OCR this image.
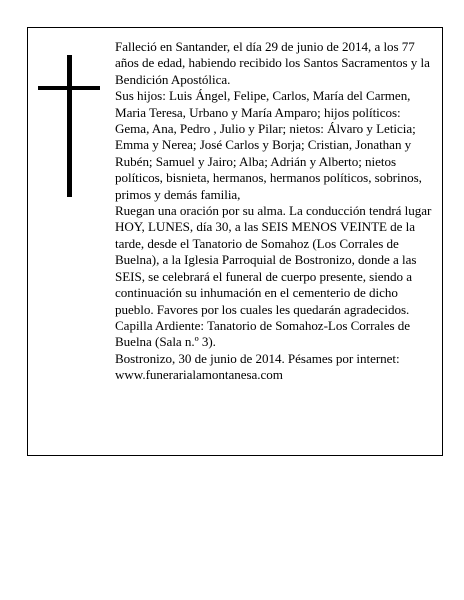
Falleció en Santander, el día 29 de junio de 2014, a los 77 años de edad, habiendo recibido los Santos Sacramentos y la Bendición Apostólica.

Sus hijos: Luis Ángel, Felipe, Carlos, María del Carmen, Maria Teresa, Urbano y María Amparo; hijos políticos: Gema, Ana, Pedro , Julio y Pilar; nietos: Álvaro y Leticia; Emma y Nerea; José Carlos y Borja; Cristian, Jonathan y Rubén; Samuel y Jairo; Alba; Adrián y Alberto; nietos políticos, bisnieta, hermanos, hermanos políticos, sobrinos, primos y demás familia,

Ruegan una oración por su alma. La conducción tendrá lugar HOY, LUNES, día 30, a las SEIS MENOS VEINTE de la tarde, desde el Tanatorio de Somahoz (Los Corrales de Buelna), a la Iglesia Parroquial de Bostronizo, donde a las SEIS, se celebrará el funeral de cuerpo presente, siendo a continuación su inhumación en el cementerio de dicho pueblo. Favores por los cuales les quedarán agradecidos. Capilla Ardiente: Tanatorio de Somahoz-Los Corrales de Buelna (Sala n.º 3).

Bostronizo, 30 de junio de 2014. Pésames por internet: www.funerarialamontanesa.com
